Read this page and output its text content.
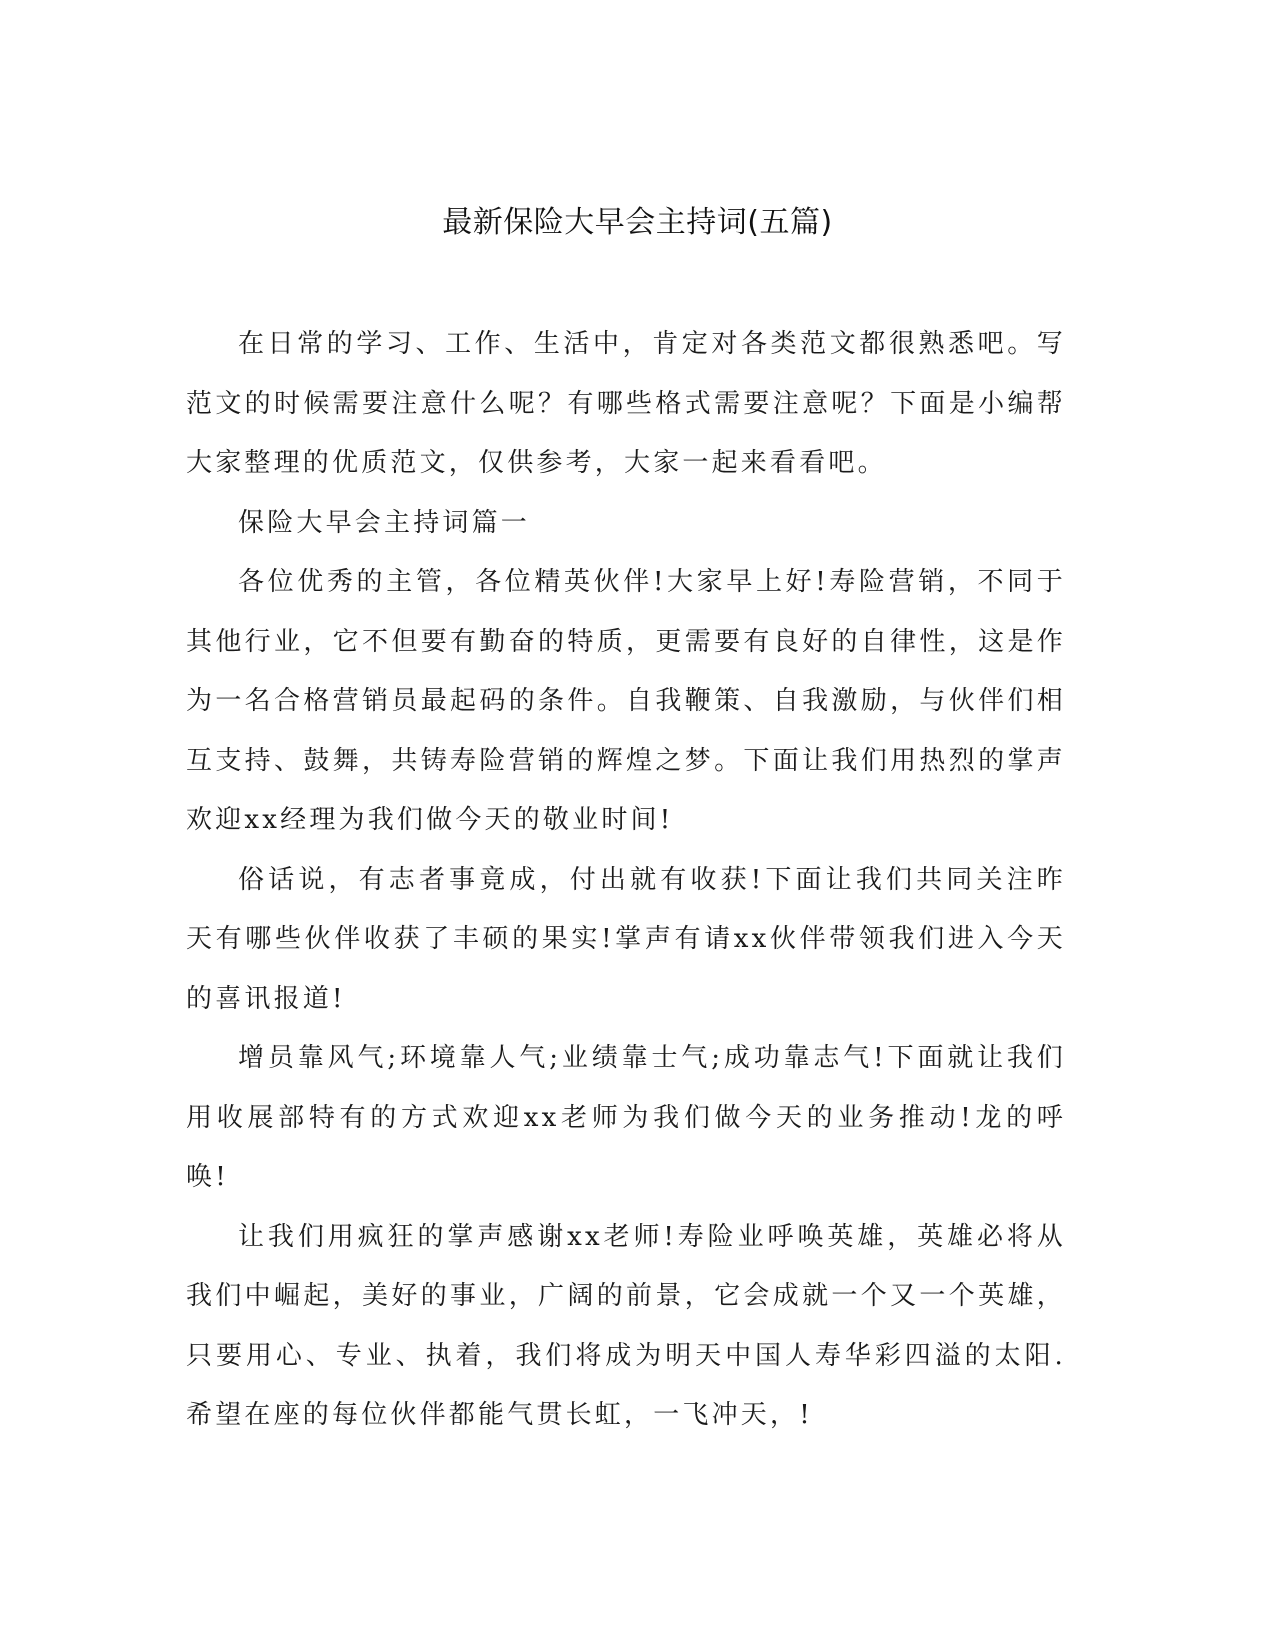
最新保险大早会主持词(五篇)

在日常的学习、工作、生活中，肯定对各类范文都很熟悉吧。写范文的时候需要注意什么呢？有哪些格式需要注意呢？下面是小编帮大家整理的优质范文，仅供参考，大家一起来看看吧。

保险大早会主持词篇一

各位优秀的主管，各位精英伙伴!大家早上好!寿险营销，不同于其他行业，它不但要有勤奋的特质，更需要有良好的自律性，这是作为一名合格营销员最起码的条件。自我鞭策、自我激励，与伙伴们相互支持、鼓舞，共铸寿险营销的辉煌之梦。下面让我们用热烈的掌声欢迎xx经理为我们做今天的敬业时间!

俗话说，有志者事竟成，付出就有收获!下面让我们共同关注昨天有哪些伙伴收获了丰硕的果实!掌声有请xx伙伴带领我们进入今天的喜讯报道!

增员靠风气;环境靠人气;业绩靠士气;成功靠志气!下面就让我们用收展部特有的方式欢迎xx老师为我们做今天的业务推动!龙的呼唤!

让我们用疯狂的掌声感谢xx老师!寿险业呼唤英雄，英雄必将从我们中崛起，美好的事业，广阔的前景，它会成就一个又一个英雄，只要用心、专业、执着，我们将成为明天中国人寿华彩四溢的太阳.希望在座的每位伙伴都能气贯长虹，一飞冲天，!
